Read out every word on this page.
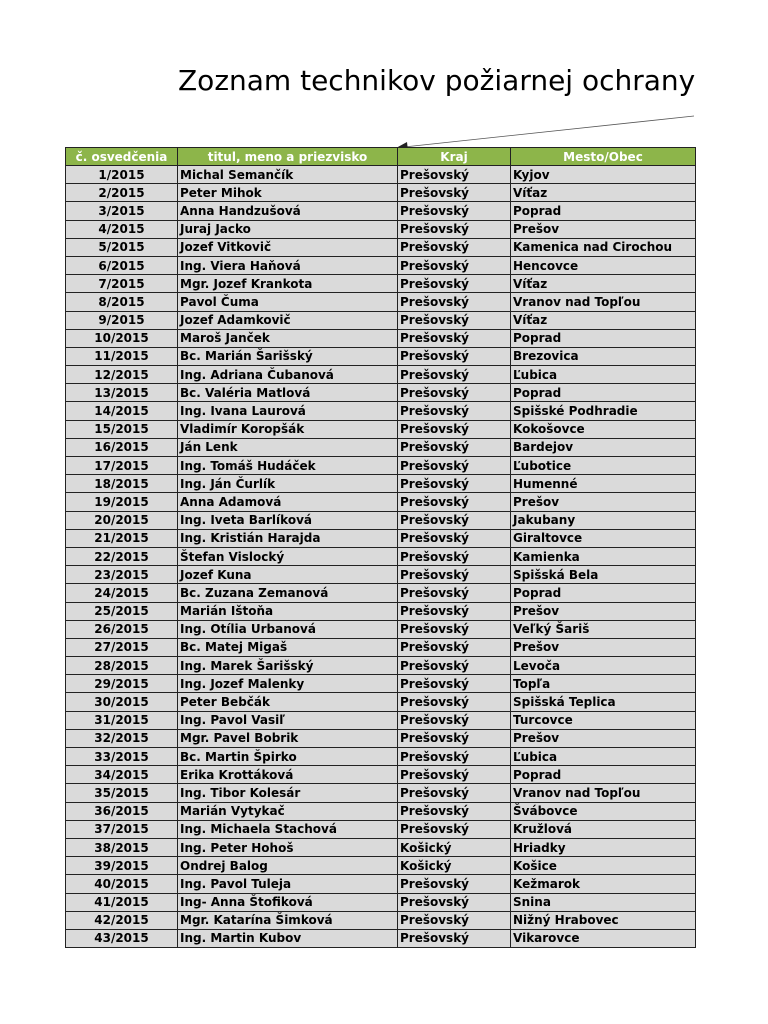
Zoznam technikov požiarnej ochrany
č. osvedčenia	titul, meno a priezvisko	Kraj	Mesto/Obec
1/2015	Michal Semančík	Prešovský	Kyjov
2/2015	Peter Mihok	Prešovský	Víťaz
3/2015	Anna Handzušová	Prešovský	Poprad
4/2015	Juraj Jacko	Prešovský	Prešov
5/2015	Jozef Vitkovič	Prešovský	Kamenica nad Cirochou
6/2015	Ing. Viera Haňová	Prešovský	Hencovce
7/2015	Mgr. Jozef Krankota	Prešovský	Víťaz
8/2015	Pavol Čuma	Prešovský	Vranov nad Topľou
9/2015	Jozef Adamkovič	Prešovský	Víťaz
10/2015	Maroš Janček	Prešovský	Poprad
11/2015	Bc. Marián Šarišský	Prešovský	Brezovica
12/2015	Ing. Adriana Čubanová	Prešovský	Ľubica
13/2015	Bc. Valéria Matlová	Prešovský	Poprad
14/2015	Ing. Ivana Laurová	Prešovský	Spišské Podhradie
15/2015	Vladimír Koropšák	Prešovský	Kokošovce
16/2015	Ján Lenk	Prešovský	Bardejov
17/2015	Ing. Tomáš Hudáček	Prešovský	Ľubotice
18/2015	Ing. Ján Čurlík	Prešovský	Humenné
19/2015	Anna Adamová	Prešovský	Prešov
20/2015	Ing. Iveta Barlíková	Prešovský	Jakubany
21/2015	Ing. Kristián Harajda	Prešovský	Giraltovce
22/2015	Štefan Vislocký	Prešovský	Kamienka
23/2015	Jozef Kuna	Prešovský	Spišská Bela
24/2015	Bc. Zuzana Zemanová	Prešovský	Poprad
25/2015	Marián Ištoňa	Prešovský	Prešov
26/2015	Ing. Otília Urbanová	Prešovský	Veľký Šariš
27/2015	Bc. Matej Migaš	Prešovský	Prešov
28/2015	Ing. Marek Šarišský	Prešovský	Levoča
29/2015	Ing. Jozef Malenky	Prešovský	Topľa
30/2015	Peter Bebčák	Prešovský	Spišská Teplica
31/2015	Ing. Pavol Vasiľ	Prešovský	Turcovce
32/2015	Mgr. Pavel Bobrik	Prešovský	Prešov
33/2015	Bc. Martin Špirko	Prešovský	Ľubica
34/2015	Erika Krottáková	Prešovský	Poprad
35/2015	Ing. Tibor Kolesár	Prešovský	Vranov nad Topľou
36/2015	Marián Vytykač	Prešovský	Švábovce
37/2015	Ing. Michaela Stachová	Prešovský	Kružlová
38/2015	Ing. Peter Hohoš	Košický	Hriadky
39/2015	Ondrej Balog	Košický	Košice
40/2015	Ing. Pavol Tuleja	Prešovský	Kežmarok
41/2015	Ing- Anna Štofiková	Prešovský	Snina
42/2015	Mgr. Katarína Šimková	Prešovský	Nižný Hrabovec
43/2015	Ing. Martin Kubov	Prešovský	Vikarovce
